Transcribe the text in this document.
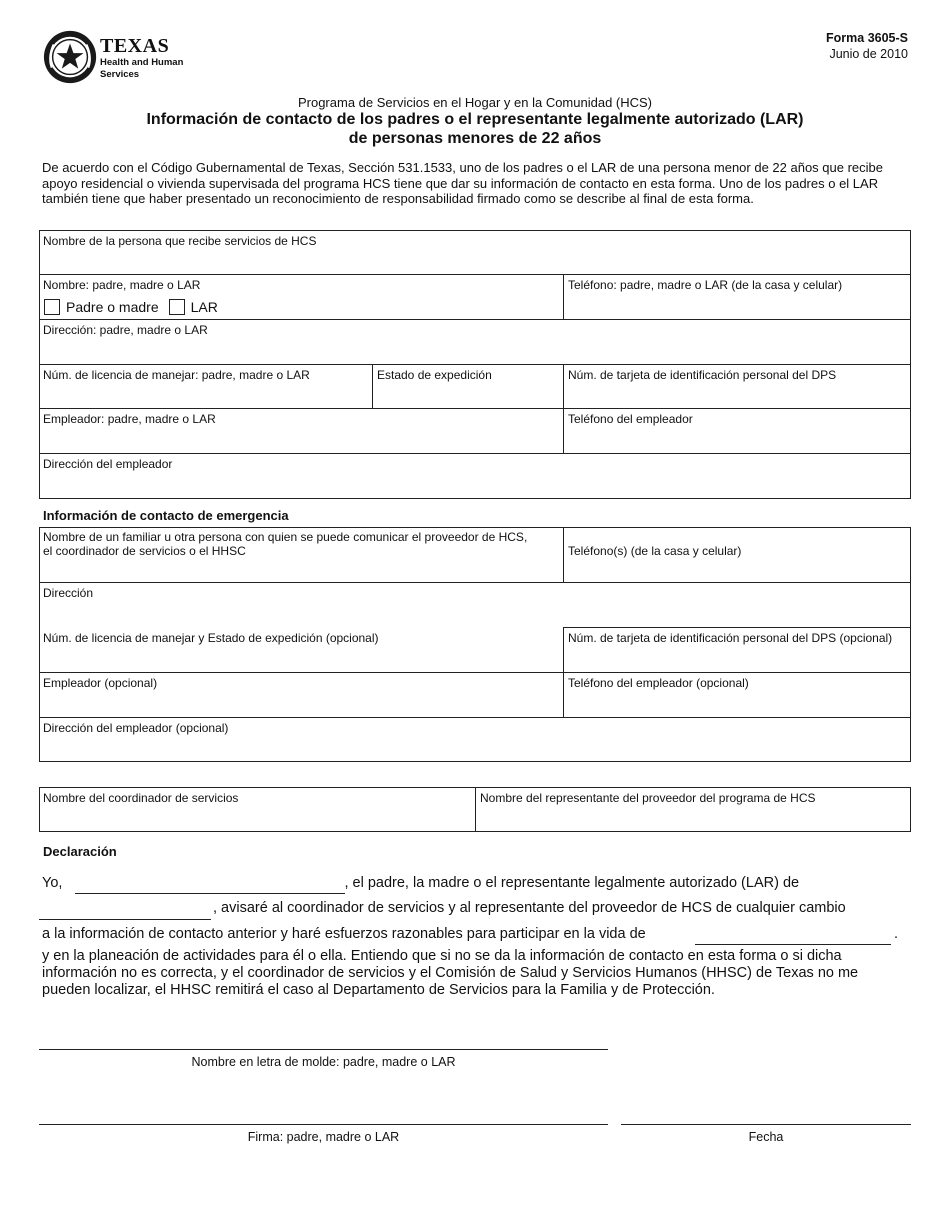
TEXAS
Health and Human
Services
Forma 3605-S
Junio de 2010
Programa de Servicios en el Hogar y en la Comunidad (HCS)
Información de contacto de los padres o el representante legalmente autorizado (LAR)
de personas menores de 22 años
De acuerdo con el Código Gubernamental de Texas, Sección 531.1533, uno de los padres o el LAR de una persona menor de 22 años que recibe apoyo residencial o vivienda supervisada del programa HCS tiene que dar su información de contacto en esta forma. Uno de los padres o el LAR también tiene que haber presentado un reconocimiento de responsabilidad firmado como se describe al final de esta forma.
Nombre de la persona que recibe servicios de HCS
Nombre: padre, madre o LAR
Padre o madre LAR
Teléfono: padre, madre o LAR (de la casa y celular)
Dirección: padre, madre o LAR
Núm. de licencia de manejar: padre, madre o LAR	Estado de expedición	Núm. de tarjeta de identificación personal del DPS
Empleador: padre, madre o LAR	Teléfono del empleador
Dirección del empleador
Información de contacto de emergencia
Nombre de un familiar u otra persona con quien se puede comunicar el proveedor de HCS,
el coordinador de servicios o el HHSC	Teléfono(s) (de la casa y celular)
Dirección
Núm. de licencia de manejar y Estado de expedición (opcional)	Núm. de tarjeta de identificación personal del DPS (opcional)
Empleador (opcional)	Teléfono del empleador (opcional)
Dirección del empleador (opcional)
Nombre del coordinador de servicios	Nombre del representante del proveedor del programa de HCS
Declaración
Yo,	, el padre, la madre o el representante legalmente autorizado (LAR) de
, avisaré al coordinador de servicios y al representante del proveedor de HCS de cualquier cambio
a la información de contacto anterior y haré esfuerzos razonables para participar en la vida de	.
y en la planeación de actividades para él o ella. Entiendo que si no se da la información de contacto en esta forma o si dicha información no es correcta, y el coordinador de servicios y el Comisión de Salud y Servicios Humanos (HHSC) de Texas no me pueden localizar, el HHSC remitirá el caso al Departamento de Servicios para la Familia y de Protección.
Nombre en letra de molde: padre, madre o LAR
Firma: padre, madre o LAR	Fecha
